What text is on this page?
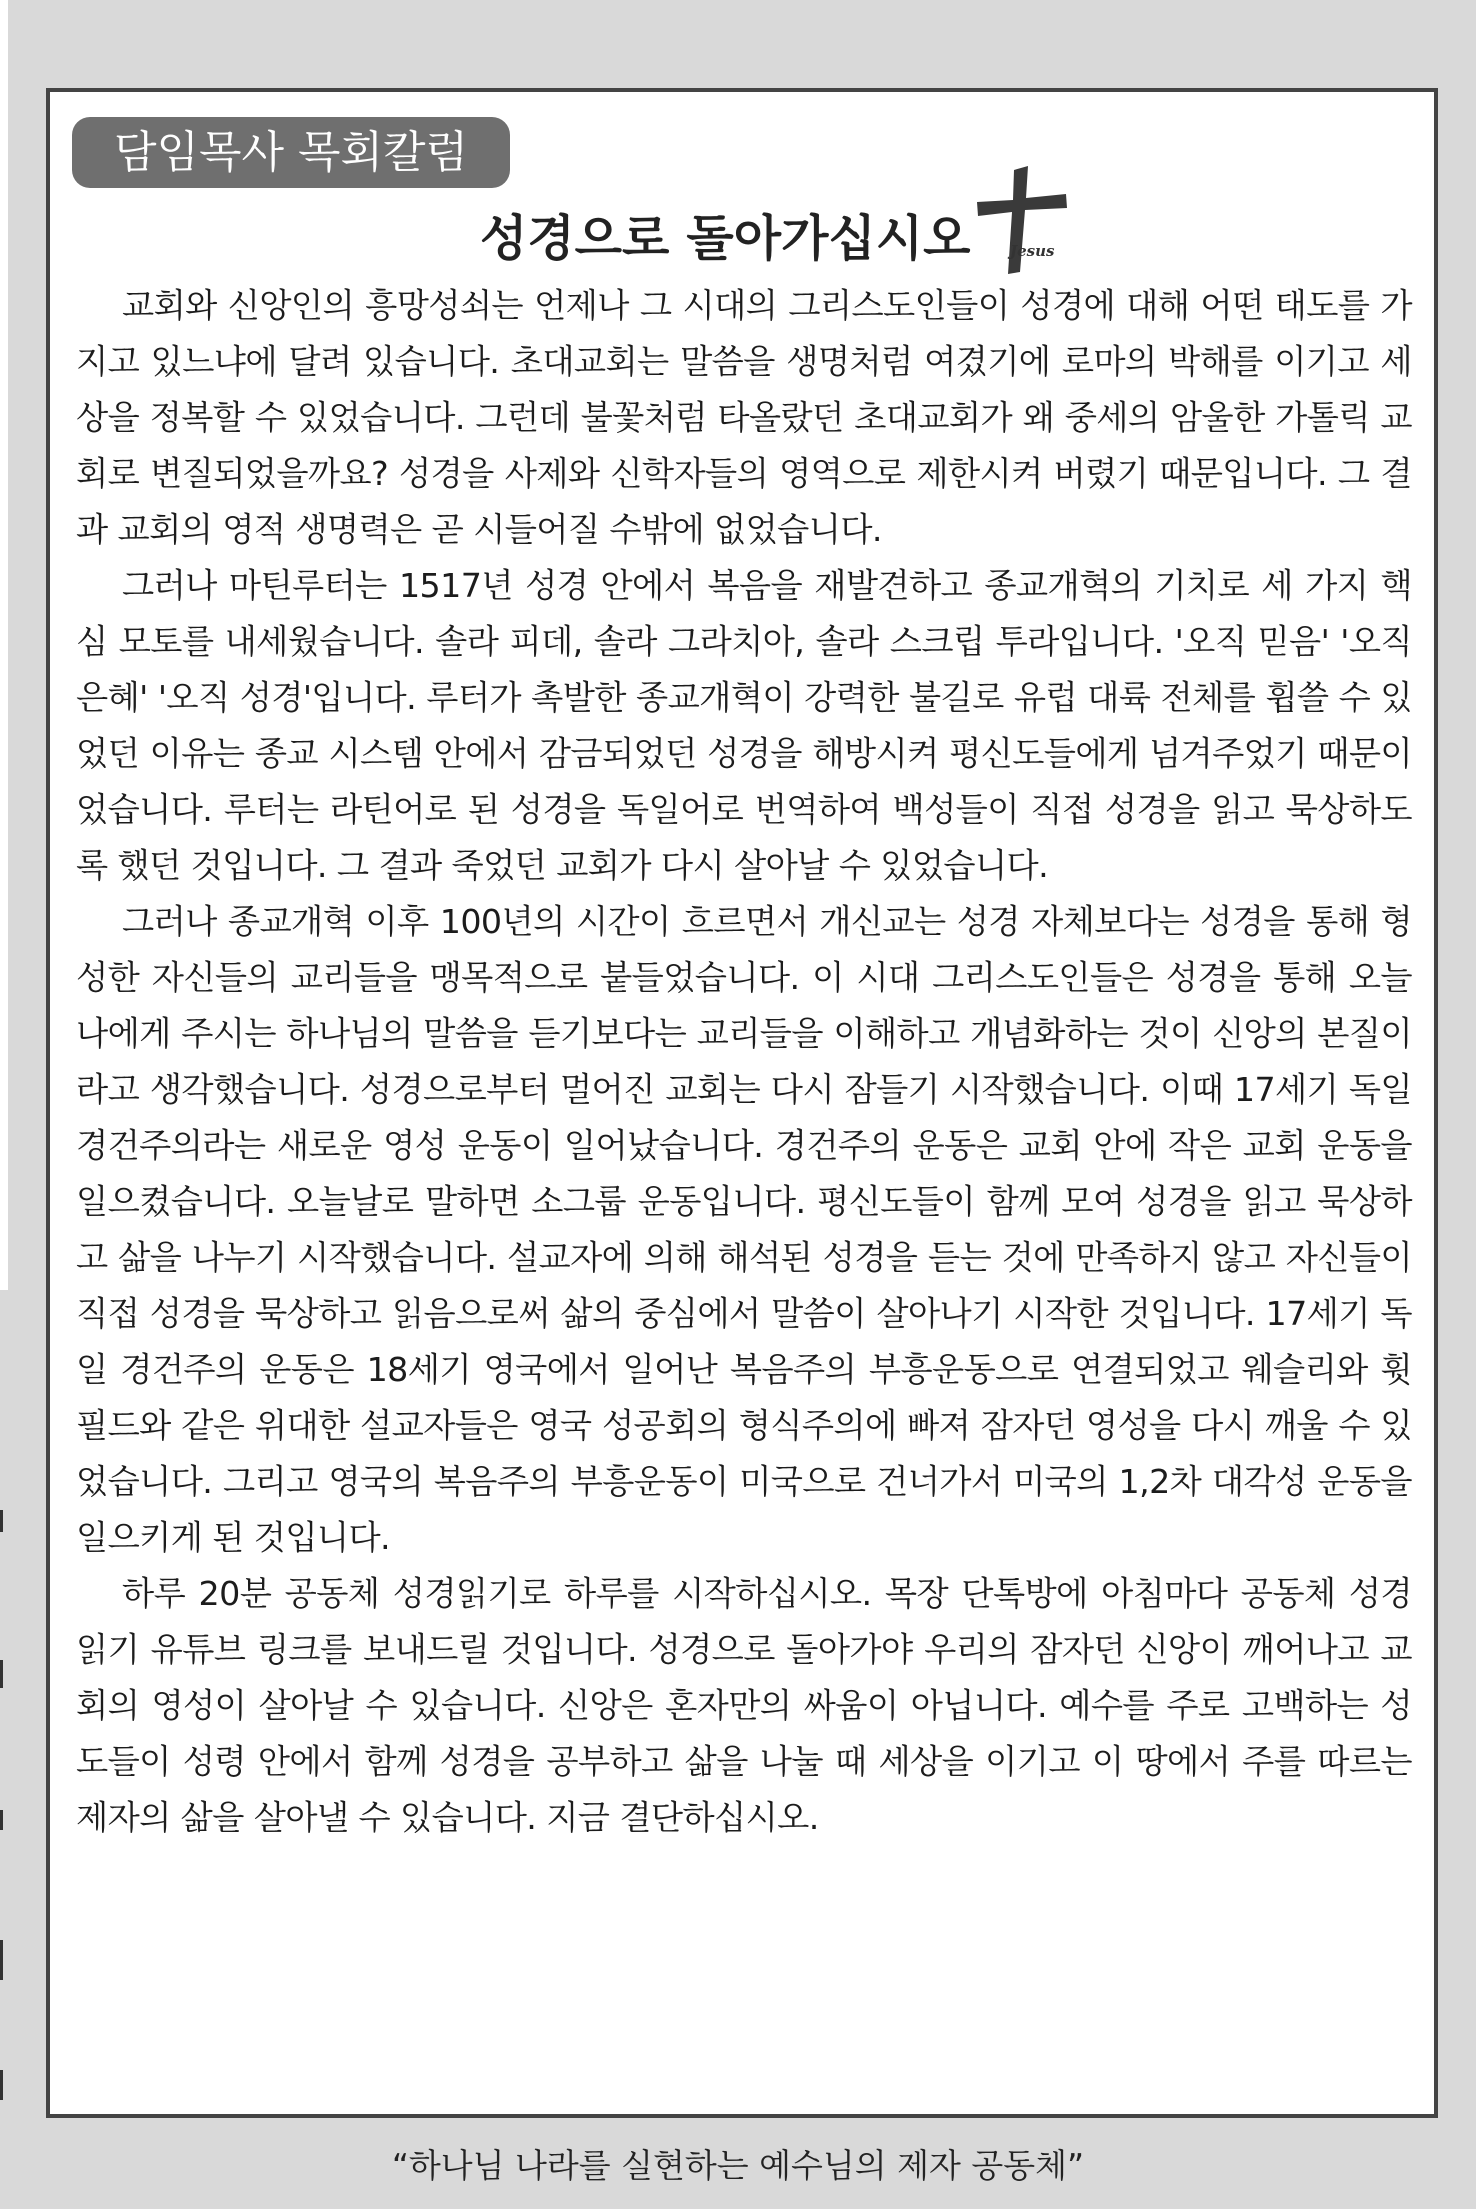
담임목사 목회칼럼
성경으로 돌아가십시오	Jesus

교회와 신앙인의 흥망성쇠는 언제나 그 시대의 그리스도인들이 성경에 대해 어떤 태도를 가지고 있느냐에 달려 있습니다. 초대교회는 말씀을 생명처럼 여겼기에 로마의 박해를 이기고 세상을 정복할 수 있었습니다. 그런데 불꽃처럼 타올랐던 초대교회가 왜 중세의 암울한 가톨릭 교회로 변질되었을까요? 성경을 사제와 신학자들의 영역으로 제한시켜 버렸기 때문입니다. 그 결과 교회의 영적 생명력은 곧 시들어질 수밖에 없었습니다.

그러나 마틴루터는 1517년 성경 안에서 복음을 재발견하고 종교개혁의 기치로 세 가지 핵심 모토를 내세웠습니다. 솔라 피데, 솔라 그라치아, 솔라 스크립 투라입니다. '오직 믿음' '오직 은혜' '오직 성경'입니다. 루터가 촉발한 종교개혁이 강력한 불길로 유럽 대륙 전체를 휩쓸 수 있었던 이유는 종교 시스템 안에서 감금되었던 성경을 해방시켜 평신도들에게 넘겨주었기 때문이었습니다. 루터는 라틴어로 된 성경을 독일어로 번역하여 백성들이 직접 성경을 읽고 묵상하도록 했던 것입니다. 그 결과 죽었던 교회가 다시 살아날 수 있었습니다.

그러나 종교개혁 이후 100년의 시간이 흐르면서 개신교는 성경 자체보다는 성경을 통해 형성한 자신들의 교리들을 맹목적으로 붙들었습니다. 이 시대 그리스도인들은 성경을 통해 오늘 나에게 주시는 하나님의 말씀을 듣기보다는 교리들을 이해하고 개념화하는 것이 신앙의 본질이라고 생각했습니다. 성경으로부터 멀어진 교회는 다시 잠들기 시작했습니다. 이때 17세기 독일 경건주의라는 새로운 영성 운동이 일어났습니다. 경건주의 운동은 교회 안에 작은 교회 운동을 일으켰습니다. 오늘날로 말하면 소그룹 운동입니다. 평신도들이 함께 모여 성경을 읽고 묵상하고 삶을 나누기 시작했습니다. 설교자에 의해 해석된 성경을 듣는 것에 만족하지 않고 자신들이 직접 성경을 묵상하고 읽음으로써 삶의 중심에서 말씀이 살아나기 시작한 것입니다. 17세기 독일 경건주의 운동은 18세기 영국에서 일어난 복음주의 부흥운동으로 연결되었고 웨슬리와 휫필드와 같은 위대한 설교자들은 영국 성공회의 형식주의에 빠져 잠자던 영성을 다시 깨울 수 있었습니다. 그리고 영국의 복음주의 부흥운동이 미국으로 건너가서 미국의 1,2차 대각성 운동을 일으키게 된 것입니다.

하루 20분 공동체 성경읽기로 하루를 시작하십시오. 목장 단톡방에 아침마다 공동체 성경 읽기 유튜브 링크를 보내드릴 것입니다. 성경으로 돌아가야 우리의 잠자던 신앙이 깨어나고 교회의 영성이 살아날 수 있습니다. 신앙은 혼자만의 싸움이 아닙니다. 예수를 주로 고백하는 성도들이 성령 안에서 함께 성경을 공부하고 삶을 나눌 때 세상을 이기고 이 땅에서 주를 따르는 제자의 삶을 살아낼 수 있습니다. 지금 결단하십시오.

“하나님 나라를 실현하는 예수님의 제자 공동체”
